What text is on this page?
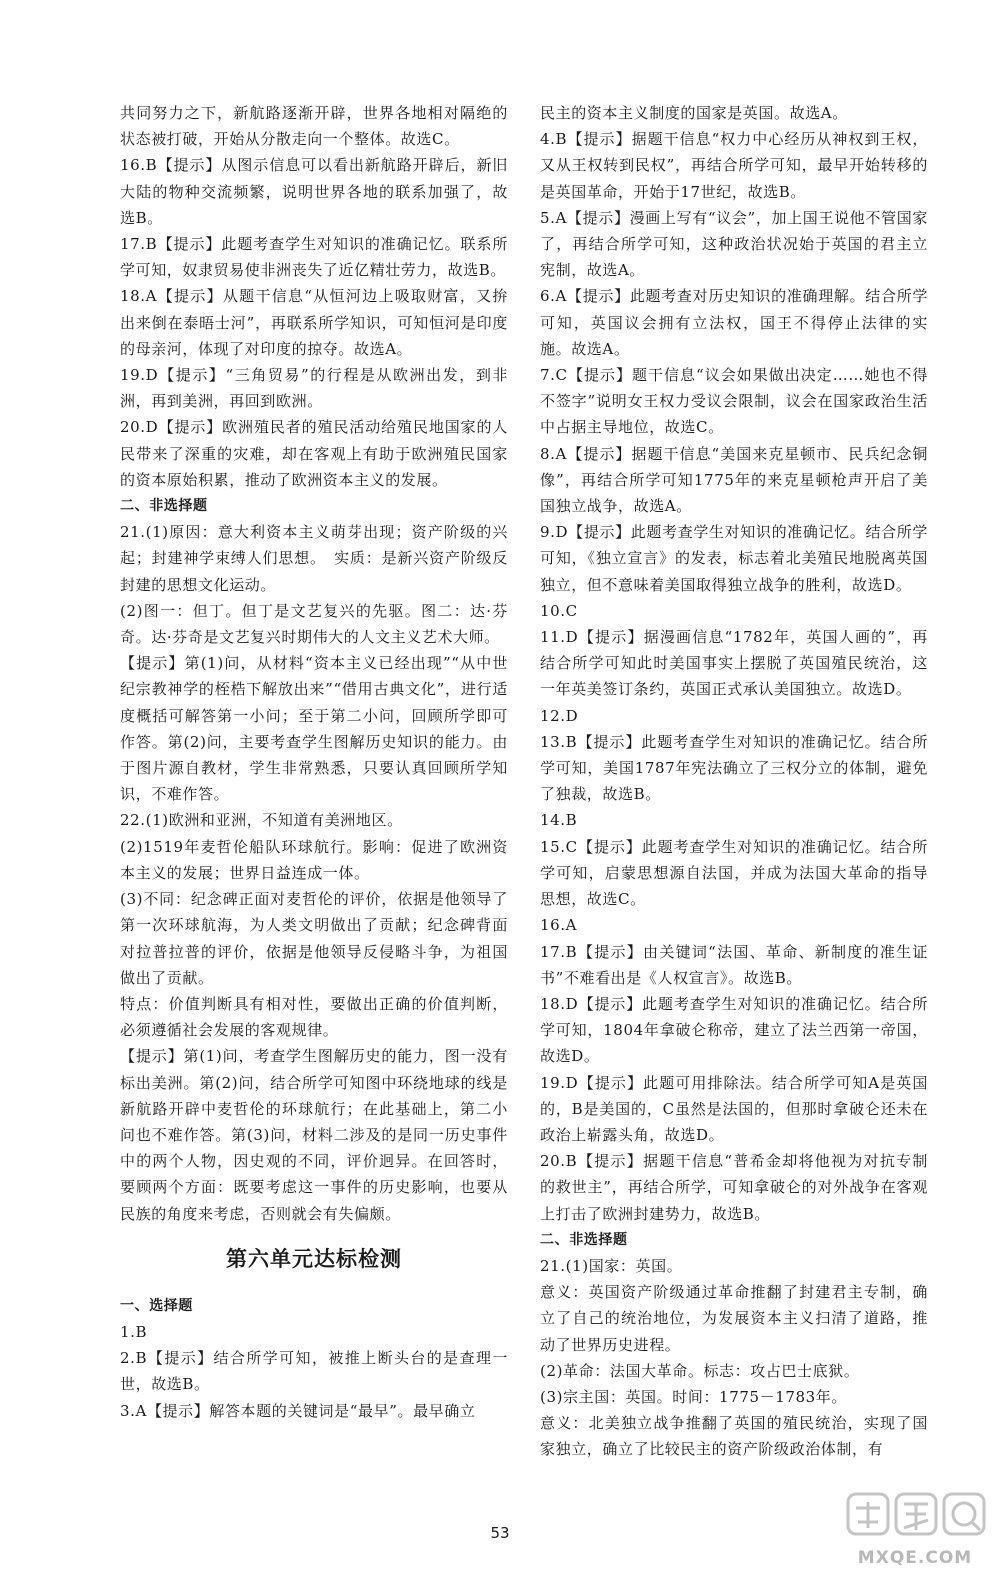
共同努力之下，新航路逐渐开辟，世界各地相对隔绝的状态被打破，开始从分散走向一个整体。故选C。

16.B【提示】从图示信息可以看出新航路开辟后，新旧大陆的物种交流频繁，说明世界各地的联系加强了，故选B。

17.B【提示】此题考查学生对知识的准确记忆。联系所学可知，奴隶贸易使非洲丧失了近亿精壮劳力，故选B。

18.A【提示】从题干信息“从恒河边上吸取财富，又拚出来倒在泰晤士河”，再联系所学知识，可知恒河是印度的母亲河，体现了对印度的掠夺。故选A。

19.D【提示】“三角贸易”的行程是从欧洲出发，到非洲，再到美洲，再回到欧洲。

20.D【提示】欧洲殖民者的殖民活动给殖民地国家的人民带来了深重的灾难，却在客观上有助于欧洲殖民国家的资本原始积累，推动了欧洲资本主义的发展。

二、非选择题

21.(1)原因：意大利资本主义萌芽出现；资产阶级的兴起；封建神学束缚人们思想。　实质：是新兴资产阶级反封建的思想文化运动。

(2)图一：但丁。但丁是文艺复兴的先驱。图二：达·芬奇。达·芬奇是文艺复兴时期伟大的人文主义艺术大师。

【提示】第(1)问，从材料“资本主义已经出现”“从中世纪宗教神学的桎梏下解放出来”“借用古典文化”，进行适度概括可解答第一小问；至于第二小问，回顾所学即可作答。第(2)问，主要考查学生图解历史知识的能力。由于图片源自教材，学生非常熟悉，只要认真回顾所学知识，不难作答。

22.(1)欧洲和亚洲，不知道有美洲地区。

(2)1519年麦哲伦船队环球航行。影响：促进了欧洲资本主义的发展；世界日益连成一体。

(3)不同：纪念碑正面对麦哲伦的评价，依据是他领导了第一次环球航海，为人类文明做出了贡献；纪念碑背面对拉普拉普的评价，依据是他领导反侵略斗争，为祖国做出了贡献。

特点：价值判断具有相对性，要做出正确的价值判断，必须遵循社会发展的客观规律。

【提示】第(1)问，考查学生图解历史的能力，图一没有标出美洲。第(2)问，结合所学可知图中环绕地球的线是新航路开辟中麦哲伦的环球航行；在此基础上，第二小问也不难作答。第(3)问，材料二涉及的是同一历史事件中的两个人物，因史观的不同，评价迥异。在回答时，要顾两个方面：既要考虑这一事件的历史影响，也要从民族的角度来考虑，否则就会有失偏颇。

第六单元达标检测

一、选择题

1.B

2.B【提示】结合所学可知，被推上断头台的是查理一世，故选B。

3.A【提示】解答本题的关键词是“最早”。最早确立

民主的资本主义制度的国家是英国。故选A。

4.B【提示】据题干信息“权力中心经历从神权到王权，又从王权转到民权”，再结合所学可知，最早开始转移的是英国革命，开始于17世纪，故选B。

5.A【提示】漫画上写有“议会”，加上国王说他不管国家了，再结合所学可知，这种政治状况始于英国的君主立宪制，故选A。

6.A【提示】此题考查对历史知识的准确理解。结合所学可知，英国议会拥有立法权，国王不得停止法律的实施。故选A。

7.C【提示】题干信息“议会如果做出决定……她也不得不签字”说明女王权力受议会限制，议会在国家政治生活中占据主导地位，故选C。

8.A【提示】据题干信息“美国来克星顿市、民兵纪念铜像”，再结合所学可知1775年的来克星顿枪声开启了美国独立战争，故选A。

9.D【提示】此题考查学生对知识的准确记忆。结合所学可知，《独立宣言》的发表，标志着北美殖民地脱离英国独立，但不意味着美国取得独立战争的胜利，故选D。

10.C

11.D【提示】据漫画信息“1782年，英国人画的”，再结合所学可知此时美国事实上摆脱了英国殖民统治，这一年英美签订条约，英国正式承认美国独立。故选D。

12.D

13.B【提示】此题考查学生对知识的准确记忆。结合所学可知，美国1787年宪法确立了三权分立的体制，避免了独裁，故选B。

14.B

15.C【提示】此题考查学生对知识的准确记忆。结合所学可知，启蒙思想源自法国，并成为法国大革命的指导思想，故选C。

16.A

17.B【提示】由关键词“法国、革命、新制度的准生证书”不难看出是《人权宣言》。故选B。

18.D【提示】此题考查学生对知识的准确记忆。结合所学可知，1804年拿破仑称帝，建立了法兰西第一帝国，故选D。

19.D【提示】此题可用排除法。结合所学可知A是英国的，B是美国的，C虽然是法国的，但那时拿破仑还未在政治上崭露头角，故选D。

20.B【提示】据题干信息“普希金却将他视为对抗专制的救世主”，再结合所学，可知拿破仑的对外战争在客观上打击了欧洲封建势力，故选B。

二、非选择题

21.(1)国家：英国。

意义：英国资产阶级通过革命推翻了封建君主专制，确立了自己的统治地位，为发展资本主义扫清了道路，推动了世界历史进程。

(2)革命：法国大革命。标志：攻占巴士底狱。

(3)宗主国：英国。时间：1775－1783年。

意义：北美独立战争推翻了英国的殖民统治，实现了国家独立，确立了比较民主的资产阶级政治体制，有

53
MXQE.COM
